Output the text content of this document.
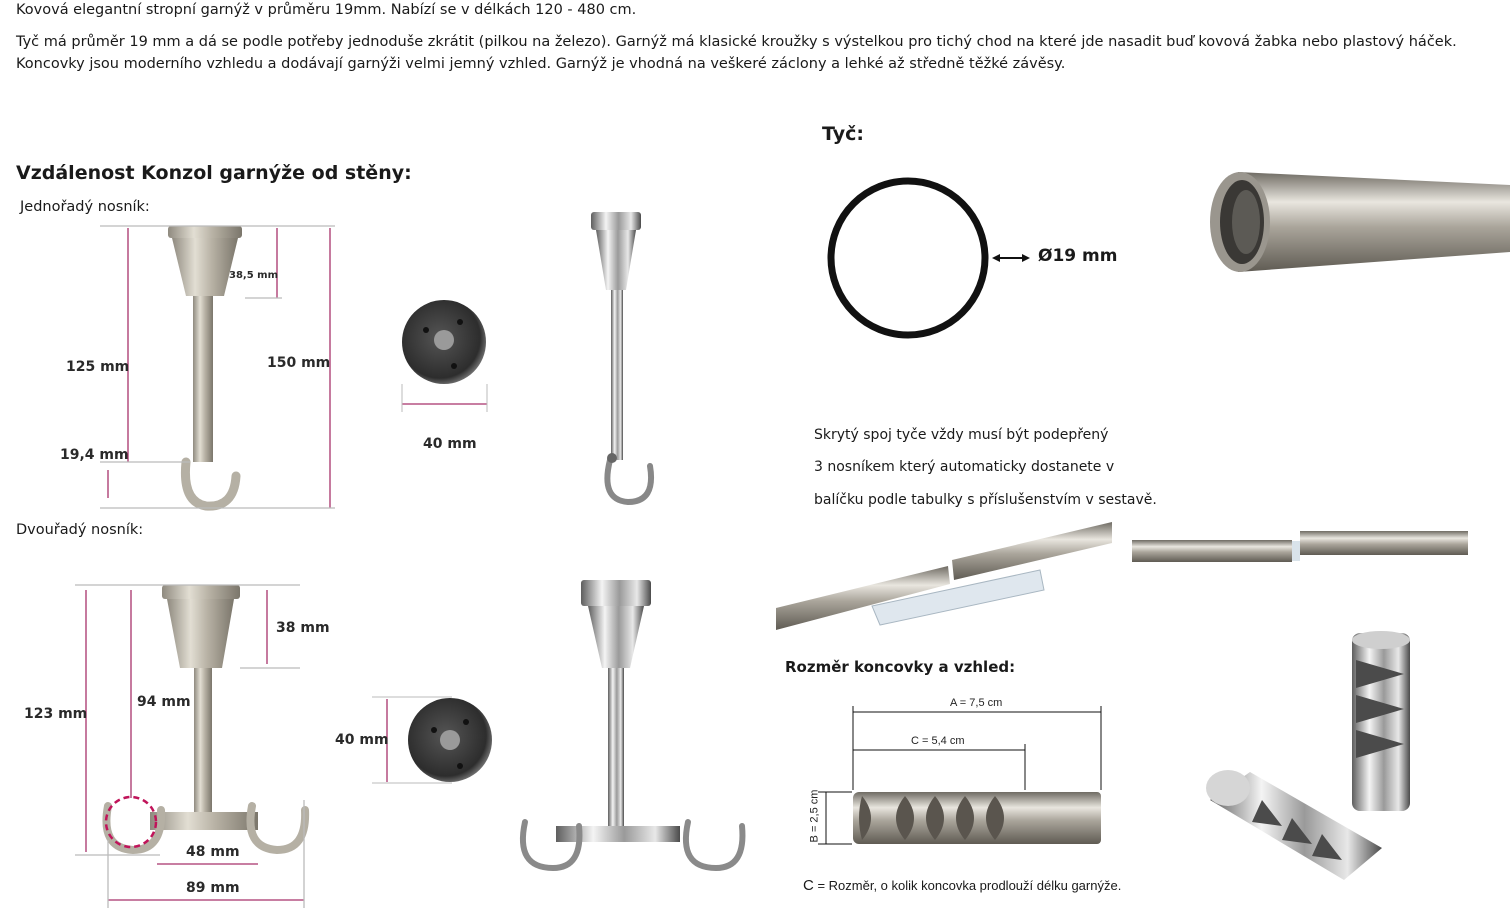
Kovová elegantní stropní garnýž v průměru 19mm. Nabízí se v délkách 120 - 480 cm.
Tyč má průměr 19 mm a dá se podle potřeby jednoduše zkrátit (pilkou na železo). Garnýž má klasické kroužky s výstelkou pro tichý chod na které jde nasadit buď kovová žabka nebo plastový háček.
Koncovky jsou moderního vzhledu a dodávají garnýži velmi jemný vzhled. Garnýž je vhodná na veškeré záclony a lehké až středně těžké závěsy.
Vzdálenost Konzol garnýže od stěny:
Jednořadý nosník:
Dvouřadý nosník:
125 mm	150 mm
38,5 mm
19,4 mm
40 mm
123 mm
94 mm
38 mm
48 mm
89 mm
40 mm
Tyč:
Ø19 mm
Skrytý spoj tyče vždy musí být podepřený
3 nosníkem který automaticky dostanete v
balíčku podle tabulky s příslušenstvím v sestavě.
Rozměr koncovky a vzhled:
A = 7,5 cm
C = 5,4 cm
B = 2,5 cm
C = Rozměr, o kolik koncovka prodlouží délku garnýže.
